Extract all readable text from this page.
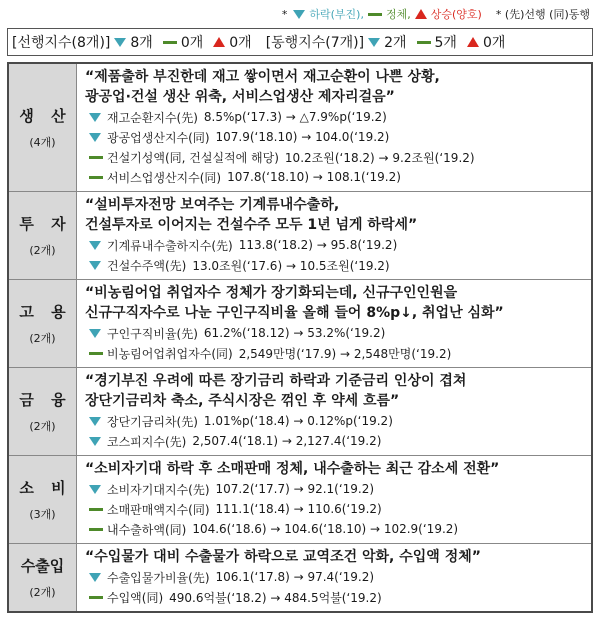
* 하락(부진), 정체, 상승(양호) * (先)선행 (同)동행
[선행지수(8개)] 8개 0개 0개 [동행지수(7개)] 2개 5개 0개
생 산
(4개)
“제품출하 부진한데 재고 쌓이면서 재고순환이 나쁜 상황,
광공업·건설 생산 위축, 서비스업생산 제자리걸음”
재고순환지수(先) 8.5%p(‘17.3) → △7.9%p(‘19.2)
광공업생산지수(同) 107.9(‘18.10) → 104.0(‘19.2)
건설기성액(同, 건설실적에 해당) 10.2조원(‘18.2) → 9.2조원(‘19.2)
서비스업생산지수(同) 107.8(‘18.10) → 108.1(‘19.2)
투 자
(2개)
“설비투자전망 보여주는 기계류내수출하,
건설투자로 이어지는 건설수주 모두 1년 넘게 하락세”
기계류내수출하지수(先) 113.8(‘18.2) → 95.8(‘19.2)
건설수주액(先) 13.0조원(‘17.6) → 10.5조원(‘19.2)
고 용
(2개)
“비농림어업 취업자수 정체가 장기화되는데, 신규구인인원을
신규구직자수로 나눈 구인구직비율 올해 들어 8%p↓, 취업난 심화”
구인구직비율(先) 61.2%(‘18.12) → 53.2%(‘19.2)
비농림어업취업자수(同) 2,549만명(‘17.9) → 2,548만명(‘19.2)
금 융
(2개)
“경기부진 우려에 따른 장기금리 하락과 기준금리 인상이 겹쳐
장단기금리차 축소, 주식시장은 꺾인 후 약세 흐름”
장단기금리차(先) 1.01%p(‘18.4) → 0.12%p(‘19.2)
코스피지수(先) 2,507.4(‘18.1) → 2,127.4(‘19.2)
소 비
(3개)
“소비자기대 하락 후 소매판매 정체, 내수출하는 최근 감소세 전환”
소비자기대지수(先) 107.2(‘17.7) → 92.1(‘19.2)
소매판매액지수(同) 111.1(‘18.4) → 110.6(‘19.2)
내수출하액(同) 104.6(‘18.6) → 104.6(‘18.10) → 102.9(‘19.2)
수출입
(2개)
“수입물가 대비 수출물가 하락으로 교역조건 악화, 수입액 정체”
수출입물가비율(先) 106.1(‘17.8) → 97.4(‘19.2)
수입액(同) 490.6억불(‘18.2) → 484.5억불(‘19.2)
